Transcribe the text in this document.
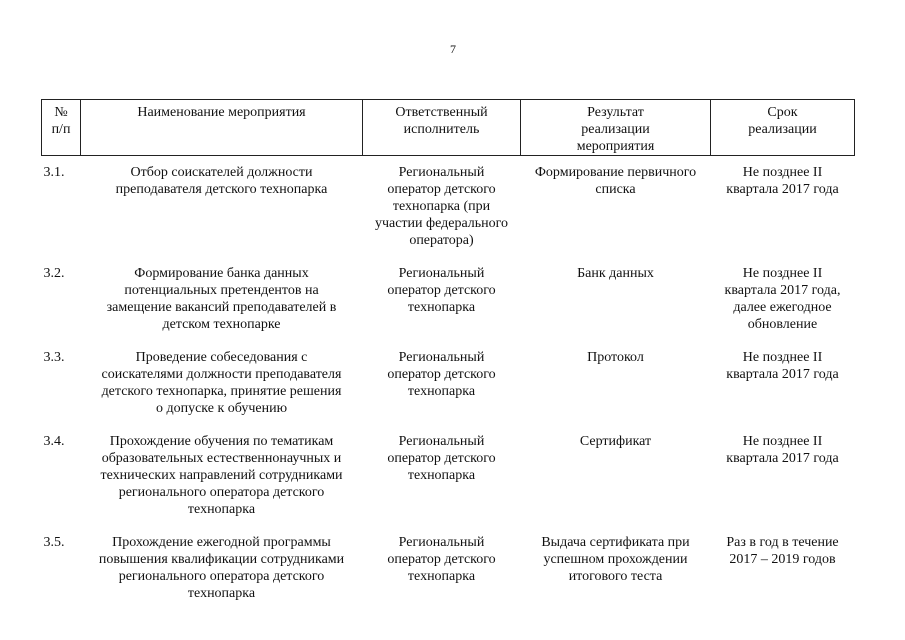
7
№
п/п	Наименование мероприятия	Ответственный
исполнитель	Результат
реализации
мероприятия	Срок
реализации
3.1.	Отбор соискателей должности
преподавателя детского технопарка	Региональный
оператор детского
технопарка (при
участии федерального
оператора)	Формирование первичного
списка	Не позднее II
квартала 2017 года
3.2.	Формирование банка данных
потенциальных претендентов на
замещение вакансий преподавателей в
детском технопарке	Региональный
оператор детского
технопарка	Банк данных	Не позднее II
квартала 2017 года,
далее ежегодное
обновление
3.3.	Проведение собеседования с
соискателями должности преподавателя
детского технопарка, принятие решения
о допуске к обучению	Региональный
оператор детского
технопарка	Протокол	Не позднее II
квартала 2017 года
3.4.	Прохождение обучения по тематикам
образовательных естественнонаучных и
технических направлений сотрудниками
регионального оператора детского
технопарка	Региональный
оператор детского
технопарка	Сертификат	Не позднее II
квартала 2017 года
3.5.	Прохождение ежегодной программы
повышения квалификации сотрудниками
регионального оператора детского
технопарка	Региональный
оператор детского
технопарка	Выдача сертификата при
успешном прохождении
итогового теста	Раз в год в течение
2017 – 2019 годов
